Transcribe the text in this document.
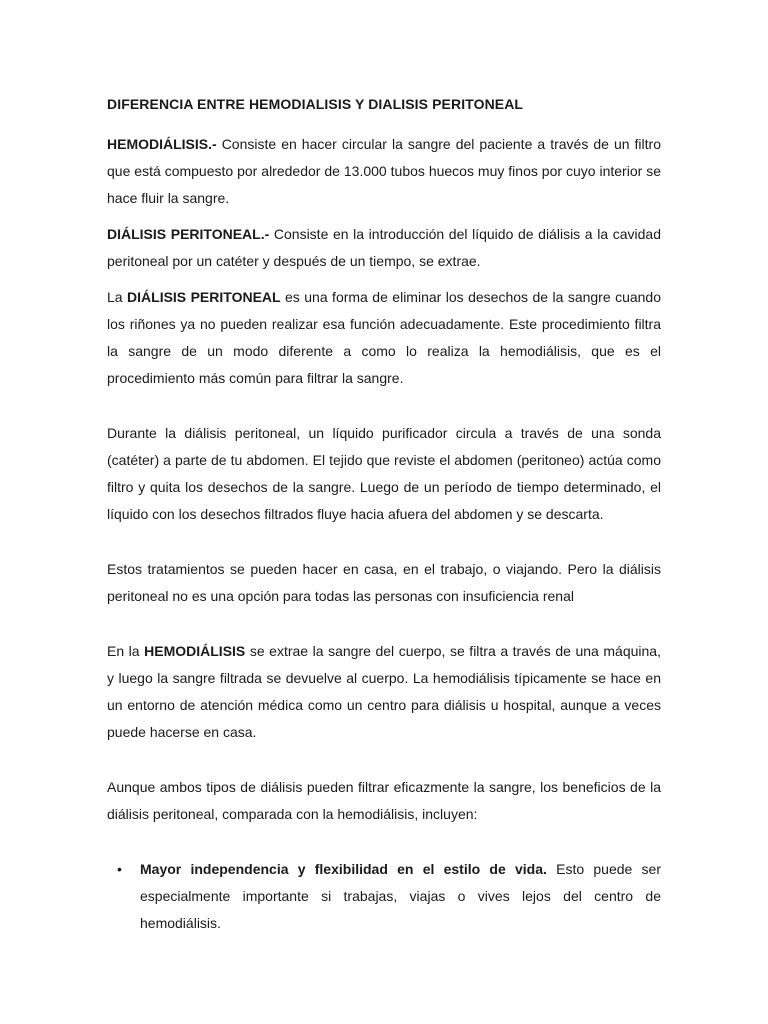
DIFERENCIA ENTRE HEMODIALISIS Y DIALISIS PERITONEAL

HEMODIÁLISIS.- Consiste en hacer circular la sangre del paciente a través de un filtro que está compuesto por alrededor de 13.000 tubos huecos muy finos por cuyo interior se hace fluir la sangre.

DIÁLISIS PERITONEAL.- Consiste en la introducción del líquido de diálisis a la cavidad peritoneal por un catéter y después de un tiempo, se extrae.

La DIÁLISIS PERITONEAL es una forma de eliminar los desechos de la sangre cuando los riñones ya no pueden realizar esa función adecuadamente. Este procedimiento filtra la sangre de un modo diferente a como lo realiza la hemodiálisis, que es el procedimiento más común para filtrar la sangre.

Durante la diálisis peritoneal, un líquido purificador circula a través de una sonda (catéter) a parte de tu abdomen. El tejido que reviste el abdomen (peritoneo) actúa como filtro y quita los desechos de la sangre. Luego de un período de tiempo determinado, el líquido con los desechos filtrados fluye hacia afuera del abdomen y se descarta.

Estos tratamientos se pueden hacer en casa, en el trabajo, o viajando. Pero la diálisis peritoneal no es una opción para todas las personas con insuficiencia renal

En la HEMODIÁLISIS se extrae la sangre del cuerpo, se filtra a través de una máquina, y luego la sangre filtrada se devuelve al cuerpo. La hemodiálisis típicamente se hace en un entorno de atención médica como un centro para diálisis u hospital, aunque a veces puede hacerse en casa.

Aunque ambos tipos de diálisis pueden filtrar eficazmente la sangre, los beneficios de la diálisis peritoneal, comparada con la hemodiálisis, incluyen:

• Mayor independencia y flexibilidad en el estilo de vida. Esto puede ser especialmente importante si trabajas, viajas o vives lejos del centro de hemodiálisis.
